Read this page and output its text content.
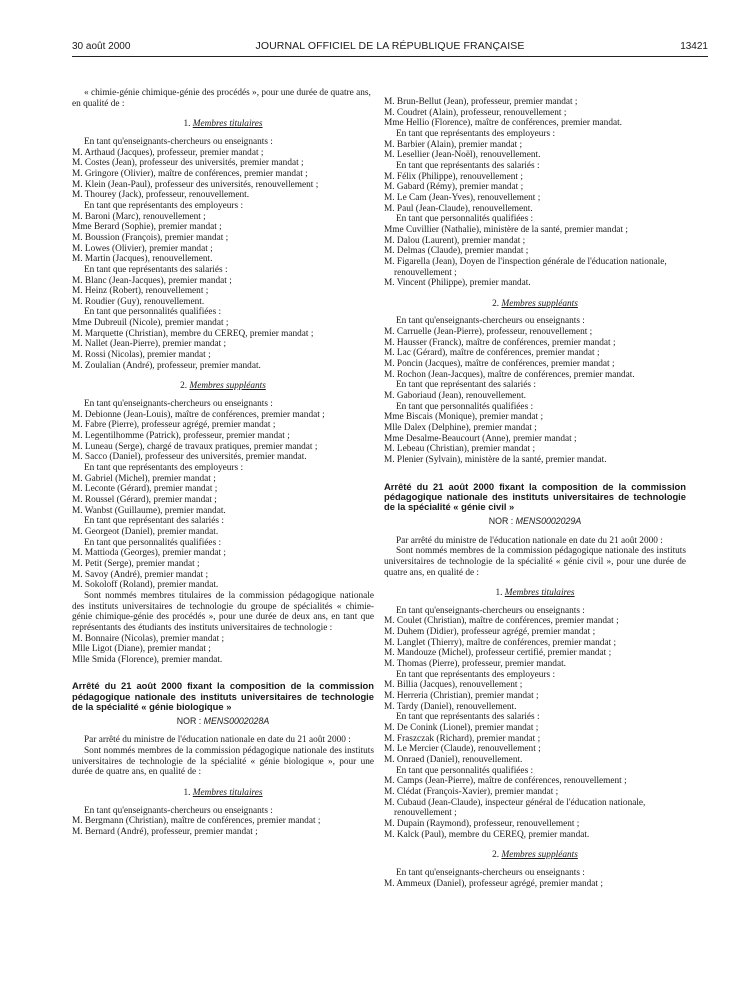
30 août 2000	JOURNAL OFFICIEL DE LA RÉPUBLIQUE FRANÇAISE	13421

« chimie-génie chimique-génie des procédés », pour une durée de quatre ans, en qualité de :

1. Membres titulaires

En tant qu'enseignants-chercheurs ou enseignants :

M. Arthaud (Jacques), professeur, premier mandat ;

M. Costes (Jean), professeur des universités, premier mandat ;

M. Gringore (Olivier), maître de conférences, premier mandat ;

M. Klein (Jean-Paul), professeur des universités, renouvellement ;

M. Thourey (Jack), professeur, renouvellement.

En tant que représentants des employeurs :

M. Baroni (Marc), renouvellement ;

Mme Berard (Sophie), premier mandat ;

M. Boussion (François), premier mandat ;

M. Lowes (Olivier), premier mandat ;

M. Martin (Jacques), renouvellement.

En tant que représentants des salariés :

M. Blanc (Jean-Jacques), premier mandat ;

M. Heinz (Robert), renouvellement ;

M. Roudier (Guy), renouvellement.

En tant que personnalités qualifiées :

Mme Dubreuil (Nicole), premier mandat ;

M. Marquette (Christian), membre du CEREQ, premier mandat ;

M. Nallet (Jean-Pierre), premier mandat ;

M. Rossi (Nicolas), premier mandat ;

M. Zoulalian (André), professeur, premier mandat.

2. Membres suppléants

En tant qu'enseignants-chercheurs ou enseignants :

M. Debionne (Jean-Louis), maître de conférences, premier mandat ;

M. Fabre (Pierre), professeur agrégé, premier mandat ;

M. Legentilhomme (Patrick), professeur, premier mandat ;

M. Luneau (Serge), chargé de travaux pratiques, premier mandat ;

M. Sacco (Daniel), professeur des universités, premier mandat.

En tant que représentants des employeurs :

M. Gabriel (Michel), premier mandat ;

M. Leconte (Gérard), premier mandat ;

M. Roussel (Gérard), premier mandat ;

M. Wanbst (Guillaume), premier mandat.

En tant que représentant des salariés :

M. Georgeot (Daniel), premier mandat.

En tant que personnalités qualifiées :

M. Mattioda (Georges), premier mandat ;

M. Petit (Serge), premier mandat ;

M. Savoy (André), premier mandat ;

M. Sokoloff (Roland), premier mandat.

Sont nommés membres titulaires de la commission pédagogique nationale des instituts universitaires de technologie du groupe de spécialités « chimie-génie chimique-génie des procédés », pour une durée de deux ans, en tant que représentants des étudiants des instituts universitaires de technologie :

M. Bonnaire (Nicolas), premier mandat ;

Mlle Ligot (Diane), premier mandat ;

Mlle Smida (Florence), premier mandat.

Arrêté du 21 août 2000 fixant la composition de la commission pédagogique nationale des instituts universitaires de technologie de la spécialité « génie biologique »

NOR : MENS0002028A

Par arrêté du ministre de l'éducation nationale en date du 21 août 2000 :

Sont nommés membres de la commission pédagogique nationale des instituts universitaires de technologie de la spécialité « génie biologique », pour une durée de quatre ans, en qualité de :

1. Membres titulaires

En tant qu'enseignants-chercheurs ou enseignants :

M. Bergmann (Christian), maître de conférences, premier mandat ;

M. Bernard (André), professeur, premier mandat ;

M. Brun-Bellut (Jean), professeur, premier mandat ;

M. Coudret (Alain), professeur, renouvellement ;

Mme Hellio (Florence), maître de conférences, premier mandat.

En tant que représentants des employeurs :

M. Barbier (Alain), premier mandat ;

M. Lesellier (Jean-Noël), renouvellement.

En tant que représentants des salariés :

M. Félix (Philippe), renouvellement ;

M. Gabard (Rémy), premier mandat ;

M. Le Cam (Jean-Yves), renouvellement ;

M. Paul (Jean-Claude), renouvellement.

En tant que personnalités qualifiées :

Mme Cuvillier (Nathalie), ministère de la santé, premier mandat ;

M. Dalou (Laurent), premier mandat ;

M. Delmas (Claude), premier mandat ;

M. Figarella (Jean), Doyen de l'inspection générale de l'éducation nationale, renouvellement ;

M. Vincent (Philippe), premier mandat.

2. Membres suppléants

En tant qu'enseignants-chercheurs ou enseignants :

M. Carruelle (Jean-Pierre), professeur, renouvellement ;

M. Hausser (Franck), maître de conférences, premier mandat ;

M. Lac (Gérard), maître de conférences, premier mandat ;

M. Poncin (Jacques), maître de conférences, premier mandat ;

M. Rochon (Jean-Jacques), maître de conférences, premier mandat.

En tant que représentant des salariés :

M. Gaboriaud (Jean), renouvellement.

En tant que personnalités qualifiées :

Mme Biscais (Monique), premier mandat ;

Mlle Dalex (Delphine), premier mandat ;

Mme Desalme-Beaucourt (Anne), premier mandat ;

M. Lebeau (Christian), premier mandat ;

M. Plenier (Sylvain), ministère de la santé, premier mandat.

Arrêté du 21 août 2000 fixant la composition de la commission pédagogique nationale des instituts universitaires de technologie de la spécialité « génie civil »

NOR : MENS0002029A

Par arrêté du ministre de l'éducation nationale en date du 21 août 2000 :

Sont nommés membres de la commission pédagogique nationale des instituts universitaires de technologie de la spécialité « génie civil », pour une durée de quatre ans, en qualité de :

1. Membres titulaires

En tant qu'enseignants-chercheurs ou enseignants :

M. Coulet (Christian), maître de conférences, premier mandat ;

M. Duhem (Didier), professeur agrégé, premier mandat ;

M. Langlet (Thierry), maître de conférences, premier mandat ;

M. Mandouze (Michel), professeur certifié, premier mandat ;

M. Thomas (Pierre), professeur, premier mandat.

En tant que représentants des employeurs :

M. Billia (Jacques), renouvellement ;

M. Herreria (Christian), premier mandat ;

M. Tardy (Daniel), renouvellement.

En tant que représentants des salariés :

M. De Conink (Lionel), premier mandat ;

M. Fraszczak (Richard), premier mandat ;

M. Le Mercier (Claude), renouvellement ;

M. Onraed (Daniel), renouvellement.

En tant que personnalités qualifiées :

M. Camps (Jean-Pierre), maître de conférences, renouvellement ;

M. Clédat (François-Xavier), premier mandat ;

M. Cubaud (Jean-Claude), inspecteur général de l'éducation nationale, renouvellement ;

M. Dupain (Raymond), professeur, renouvellement ;

M. Kalck (Paul), membre du CEREQ, premier mandat.

2. Membres suppléants

En tant qu'enseignants-chercheurs ou enseignants :

M. Ammeux (Daniel), professeur agrégé, premier mandat ;
